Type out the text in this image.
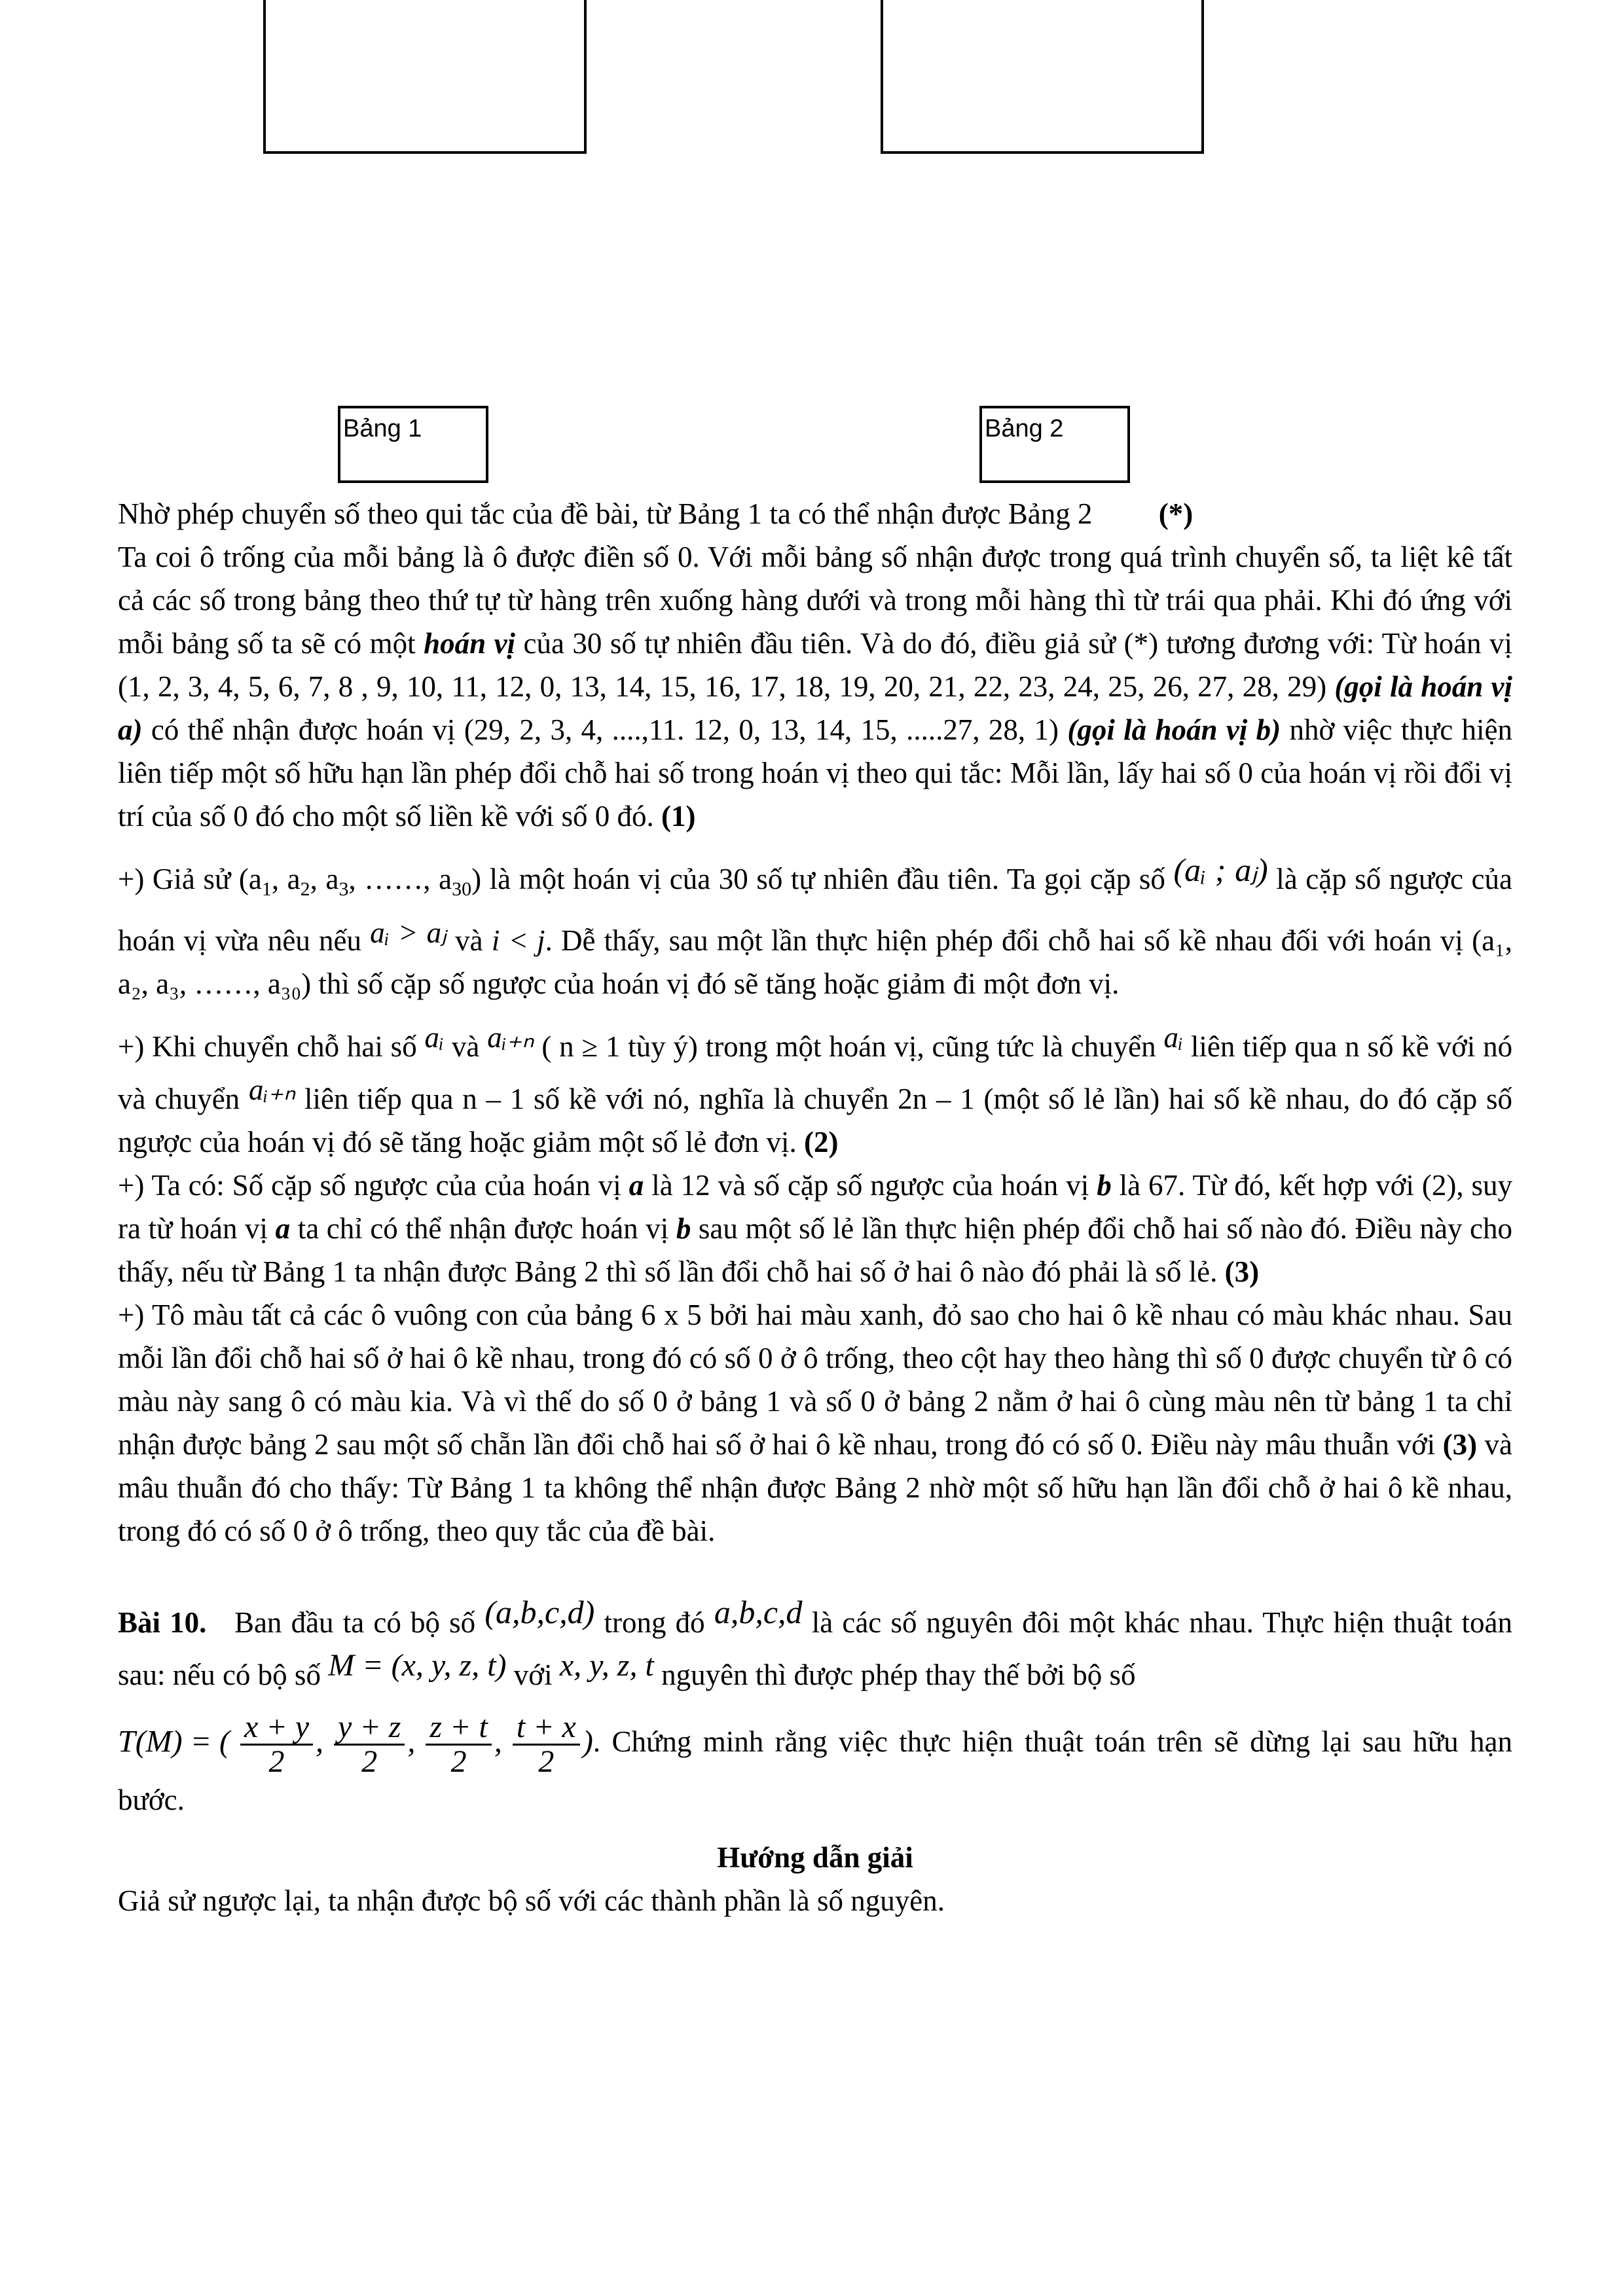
Bảng 1	Bảng 2

Nhờ phép chuyển số theo qui tắc của đề bài, từ Bảng 1 ta có thể nhận được Bảng 2 (*)

Ta coi ô trống của mỗi bảng là ô được điền số 0. Với mỗi bảng số nhận được trong quá trình chuyển số, ta liệt kê tất cả các số trong bảng theo thứ tự từ hàng trên xuống hàng dưới và trong mỗi hàng thì từ trái qua phải. Khi đó ứng với mỗi bảng số ta sẽ có một hoán vị của 30 số tự nhiên đầu tiên. Và do đó, điều giả sử (*) tương đương với: Từ hoán vị (1, 2, 3, 4, 5, 6, 7, 8 , 9, 10, 11, 12, 0, 13, 14, 15, 16, 17, 18, 19, 20, 21, 22, 23, 24, 25, 26, 27, 28, 29) (gọi là hoán vị a) có thể nhận được hoán vị (29, 2, 3, 4, ....,11. 12, 0, 13, 14, 15, .....27, 28, 1) (gọi là hoán vị b) nhờ việc thực hiện liên tiếp một số hữu hạn lần phép đổi chỗ hai số trong hoán vị theo qui tắc: Mỗi lần, lấy hai số 0 của hoán vị rồi đổi vị trí của số 0 đó cho một số liền kề với số 0 đó. (1)

+) Giả sử ($a_1$, $a_2$, $a_3$, ……, $a_{30}$) là một hoán vị của 30 số tự nhiên đầu tiên. Ta gọi cặp số (aᵢ ; aⱼ) là cặp số ngược của hoán vị vừa nêu nếu aᵢ > aⱼ và i < j. Dễ thấy, sau một lần thực hiện phép đổi chỗ hai số kề nhau đối với hoán vị (a₁, a₂, a₃, ……, a₃₀) thì số cặp số ngược của hoán vị đó sẽ tăng hoặc giảm đi một đơn vị.

+) Khi chuyển chỗ hai số aᵢ và aᵢ₊ₙ ( n ≥ 1 tùy ý) trong một hoán vị, cũng tức là chuyển aᵢ liên tiếp qua n số kề với nó và chuyển aᵢ₊ₙ liên tiếp qua n – 1 số kề với nó, nghĩa là chuyển 2n – 1 (một số lẻ lần) hai số kề nhau, do đó cặp số ngược của hoán vị đó sẽ tăng hoặc giảm một số lẻ đơn vị. (2)

+) Ta có: Số cặp số ngược của của hoán vị a là 12 và số cặp số ngược của hoán vị b là 67. Từ đó, kết hợp với (2), suy ra từ hoán vị a ta chỉ có thể nhận được hoán vị b sau một số lẻ lần thực hiện phép đổi chỗ hai số nào đó. Điều này cho thấy, nếu từ Bảng 1 ta nhận được Bảng 2 thì số lần đổi chỗ hai số ở hai ô nào đó phải là số lẻ. (3)

+) Tô màu tất cả các ô vuông con của bảng 6 x 5 bởi hai màu xanh, đỏ sao cho hai ô kề nhau có màu khác nhau. Sau mỗi lần đổi chỗ hai số ở hai ô kề nhau, trong đó có số 0 ở ô trống, theo cột hay theo hàng thì số 0 được chuyển từ ô có màu này sang ô có màu kia. Và vì thế do số 0 ở bảng 1 và số 0 ở bảng 2 nằm ở hai ô cùng màu nên từ bảng 1 ta chỉ nhận được bảng 2 sau một số chẵn lần đổi chỗ hai số ở hai ô kề nhau, trong đó có số 0. Điều này mâu thuẫn với (3) và mâu thuẫn đó cho thấy: Từ Bảng 1 ta không thể nhận được Bảng 2 nhờ một số hữu hạn lần đổi chỗ ở hai ô kề nhau, trong đó có số 0 ở ô trống, theo quy tắc của đề bài.

Bài 10. Ban đầu ta có bộ số (a,b,c,d) trong đó a,b,c,d là các số nguyên đôi một khác nhau. Thực hiện thuật toán sau: nếu có bộ số M = (x, y, z, t) với x, y, z, t nguyên thì được phép thay thế bởi bộ số
T(M) = ( $\frac{x + y}{2}$ , $\frac{y + z}{2}$ , $\frac{z + t}{2}$ , $\frac{t + x}{2}$ ). Chứng minh rằng việc thực hiện thuật toán trên sẽ dừng lại sau hữu hạn bước.

Hướng dẫn giải

Giả sử ngược lại, ta nhận được bộ số với các thành phần là số nguyên.
